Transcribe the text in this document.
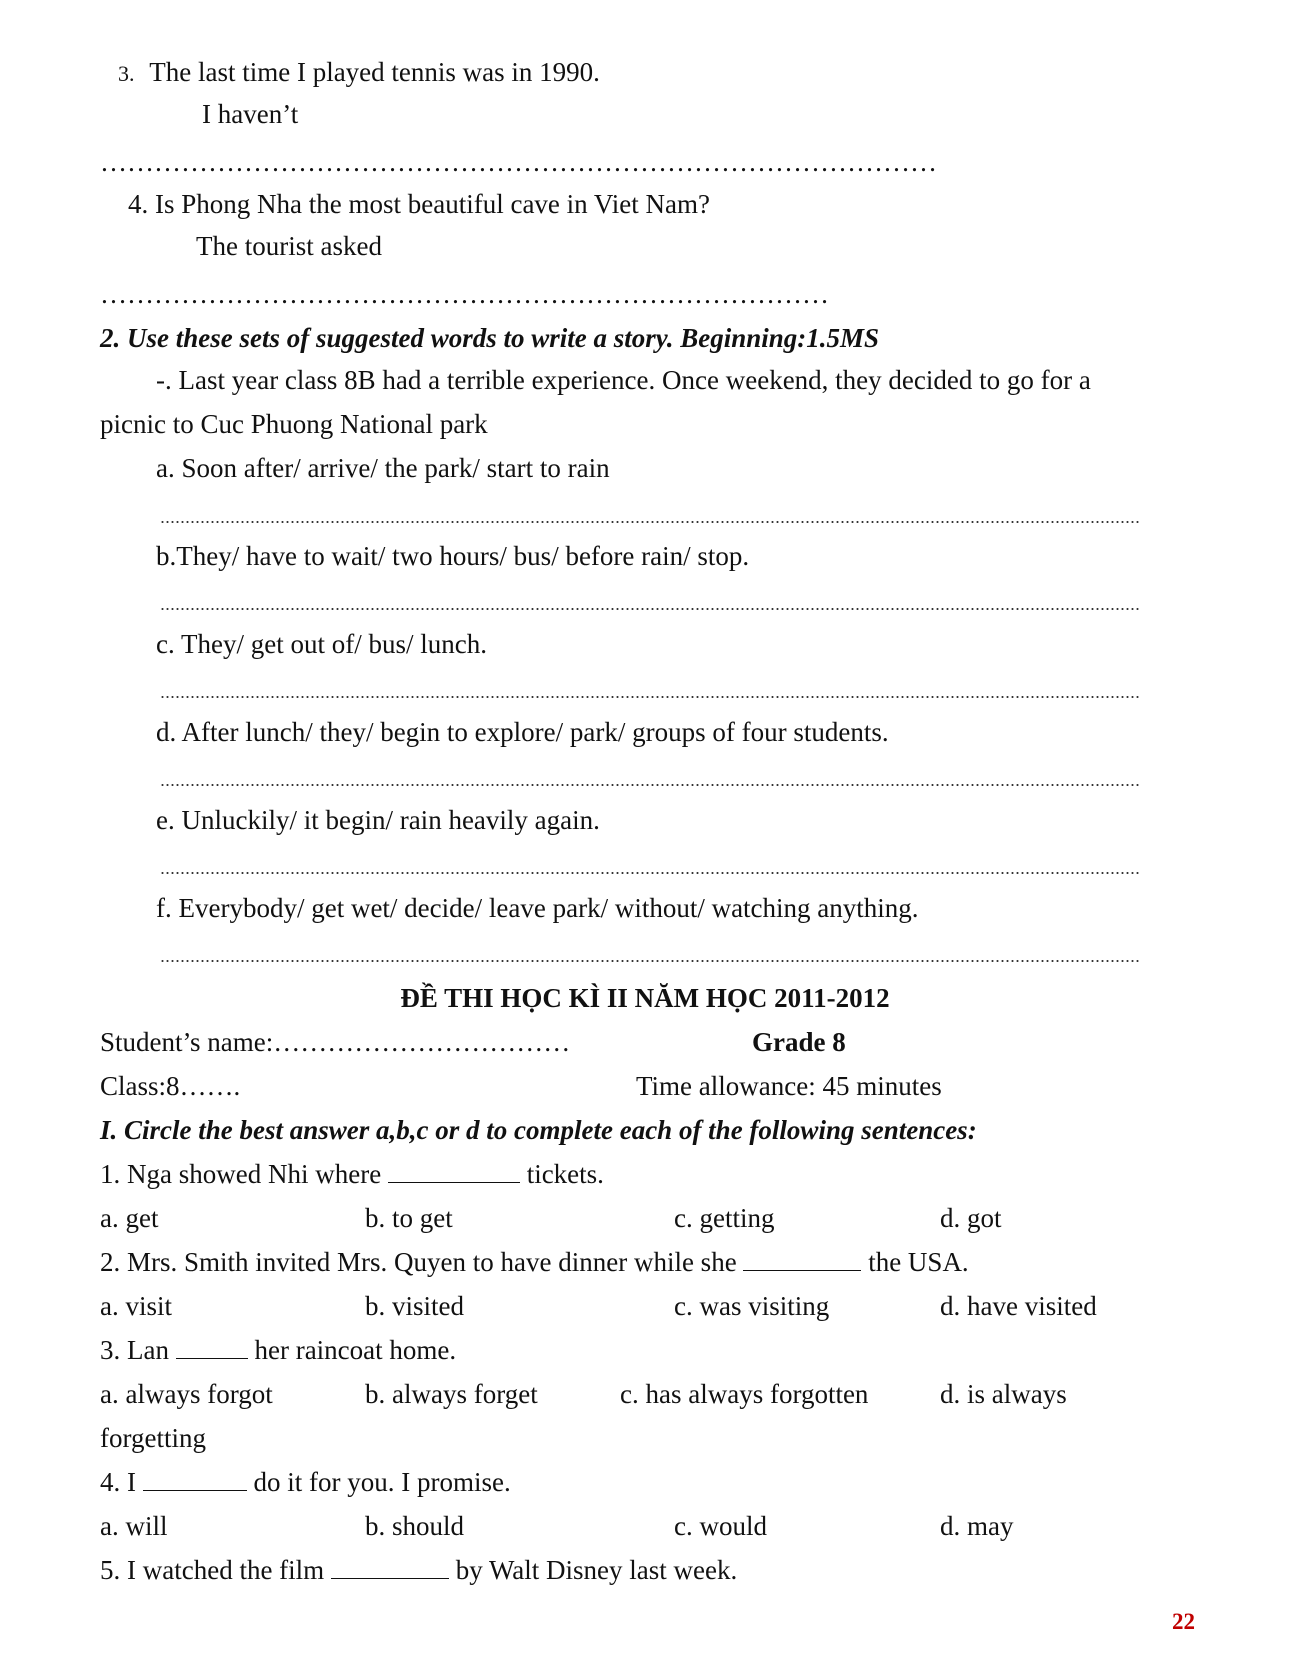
3. The last time I played tennis was in 1990.
I haven’t
…………………………………………………………………………………
4. Is Phong Nha the most beautiful cave in Viet Nam?
The tourist asked
………………………………………………………………………
2. Use these sets of suggested words to write a story. Beginning:1.5MS
-. Last year class 8B had a terrible experience. Once weekend, they decided to go for a
picnic to Cuc Phuong National park
a. Soon after/ arrive/ the park/ start to rain
b.They/ have to wait/ two hours/ bus/ before rain/ stop.
c. They/ get out of/ bus/ lunch.
d. After lunch/ they/ begin to explore/ park/ groups of four students.
e. Unluckily/ it begin/ rain heavily again.
f. Everybody/ get wet/ decide/ leave park/ without/ watching anything.
ĐỀ THI HỌC KÌ II NĂM HỌC 2011-2012
Student’s name:……………………………	Grade 8
Class:8…….	Time allowance: 45 minutes
I. Circle the best answer a,b,c or d to complete each of the following sentences:
1. Nga showed Nhi where	tickets.
a. get	b. to get	c. getting	d. got
2. Mrs. Smith invited Mrs. Quyen to have dinner while she	the USA.
a. visit	b. visited	c. was visiting	d. have visited
3. Lan	her raincoat home.
a. always forgot	b. always forget	c. has always forgotten	d. is always
forgetting
4. I	do it for you. I promise.
a. will	b. should	c. would	d. may
5. I watched the film	by Walt Disney last week.
22
